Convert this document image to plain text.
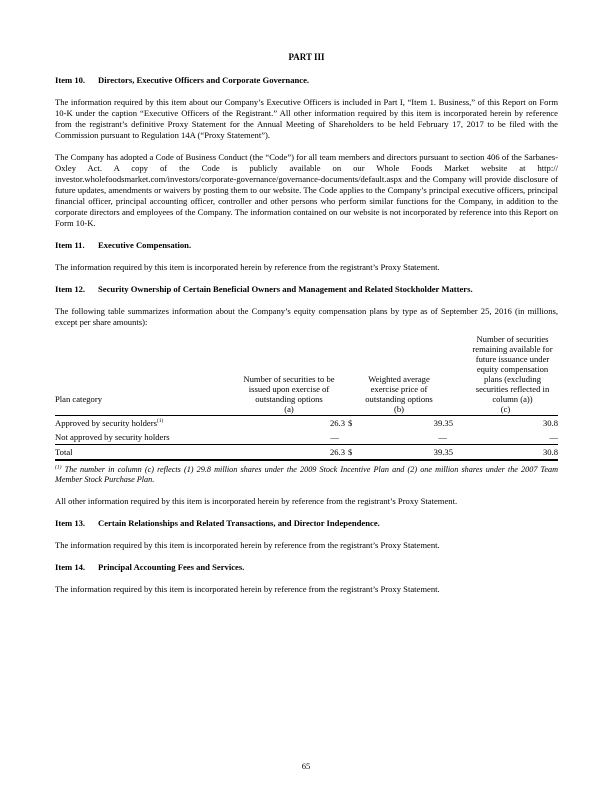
PART III
Item 10. Directors, Executive Officers and Corporate Governance.

The information required by this item about our Company’s Executive Officers is included in Part I, “Item 1. Business,” of this Report on Form 10-K under the caption “Executive Officers of the Registrant.” All other information required by this item is incorporated herein by reference from the registrant’s definitive Proxy Statement for the Annual Meeting of Shareholders to be held February 17, 2017 to be filed with the Commission pursuant to Regulation 14A (“Proxy Statement”).

The Company has adopted a Code of Business Conduct (the “Code”) for all team members and directors pursuant to section 406 of the Sarbanes-Oxley Act. A copy of the Code is publicly available on our Whole Foods Market website at http:// investor.wholefoodsmarket.com/investors/corporate-governance/governance-documents/default.aspx and the Company will provide disclosure of future updates, amendments or waivers by posting them to our website. The Code applies to the Company’s principal executive officers, principal financial officer, principal accounting officer, controller and other persons who perform similar functions for the Company, in addition to the corporate directors and employees of the Company. The information contained on our website is not incorporated by reference into this Report on Form 10-K.

Item 11. Executive Compensation.

The information required by this item is incorporated herein by reference from the registrant’s Proxy Statement.

Item 12. Security Ownership of Certain Beneficial Owners and Management and Related Stockholder Matters.

The following table summarizes information about the Company’s equity compensation plans by type as of September 25, 2016 (in millions, except per share amounts):

Plan category	Number of securities to be issued upon exercise of outstanding options	Weighted average exercise price of outstanding options		Number of securities remaining available for future issuance under equity compensation plans (excluding securities reflected in column (a))
	(a)	(b)		(c)
Approved by security holders$^{(1)}$	26.3	$	39.35	30.8
Not approved by security holders	—		—	—
Total	26.3	$	39.35	30.8
$^{(1)}$ The number in column (c) reflects (1) 29.8 million shares under the 2009 Stock Incentive Plan and (2) one million shares under the 2007 Team Member Stock Purchase Plan.

All other information required by this item is incorporated herein by reference from the registrant’s Proxy Statement.

Item 13. Certain Relationships and Related Transactions, and Director Independence.

The information required by this item is incorporated herein by reference from the registrant’s Proxy Statement.

Item 14. Principal Accounting Fees and Services.

The information required by this item is incorporated herein by reference from the registrant’s Proxy Statement.

65
